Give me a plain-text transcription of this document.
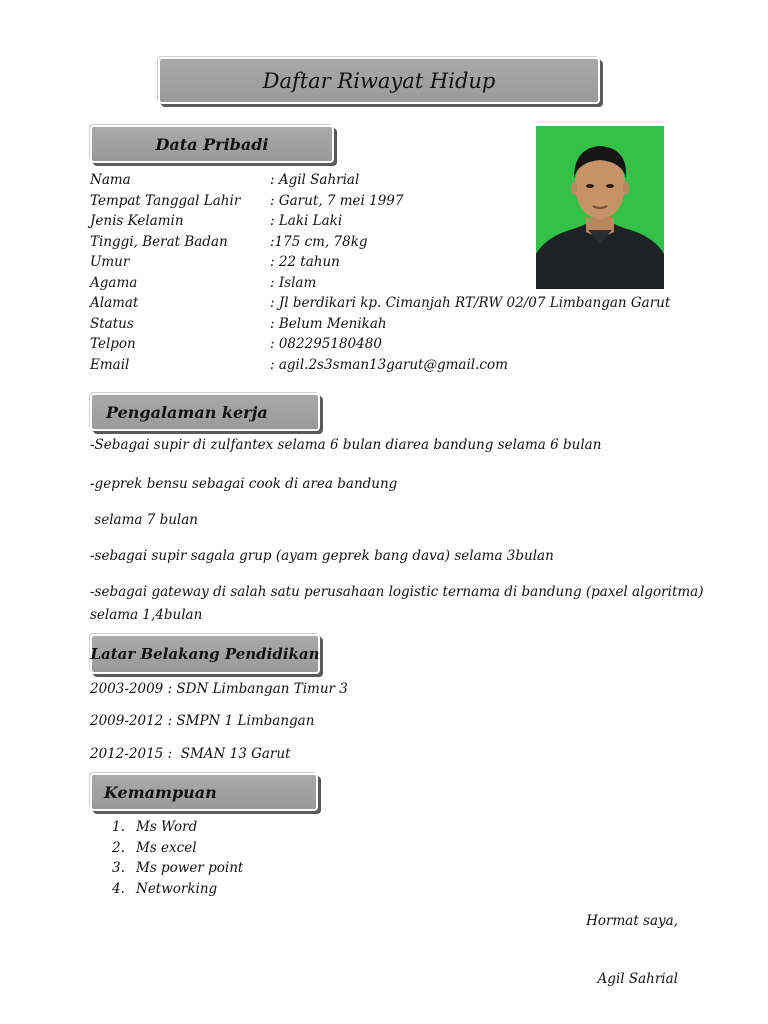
Daftar Riwayat Hidup
Data Pribadi
Nama	: Agil Sahrial
Tempat Tanggal Lahir : Garut, 7 mei 1997
Jenis Kelamin	: Laki Laki
Tinggi, Berat Badan	:175 cm, 78kg
Umur	: 22 tahun
Agama	: Islam
Alamat	: Jl berdikari kp. Cimanjah RT/RW 02/07 Limbangan Garut
Status	: Belum Menikah
Telpon	: 082295180480
Email	: agil.2s3sman13garut@gmail.com
Pengalaman kerja
-Sebagai supir di zulfantex selama 6 bulan diarea bandung selama 6 bulan
-geprek bensu sebagai cook di area bandung
selama 7 bulan
-sebagai supir sagala grup (ayam geprek bang dava) selama 3bulan
-sebagai gateway di salah satu perusahaan logistic ternama di bandung (paxel algoritma)
selama 1,4bulan
Latar Belakang Pendidikan
2003-2009 : SDN Limbangan Timur 3
2009-2012 : SMPN 1 Limbangan
2012-2015 :  SMAN 13 Garut
Kemampuan
1. Ms Word
2. Ms excel
3. Ms power point
4. Networking
Hormat saya,
Agil Sahrial
